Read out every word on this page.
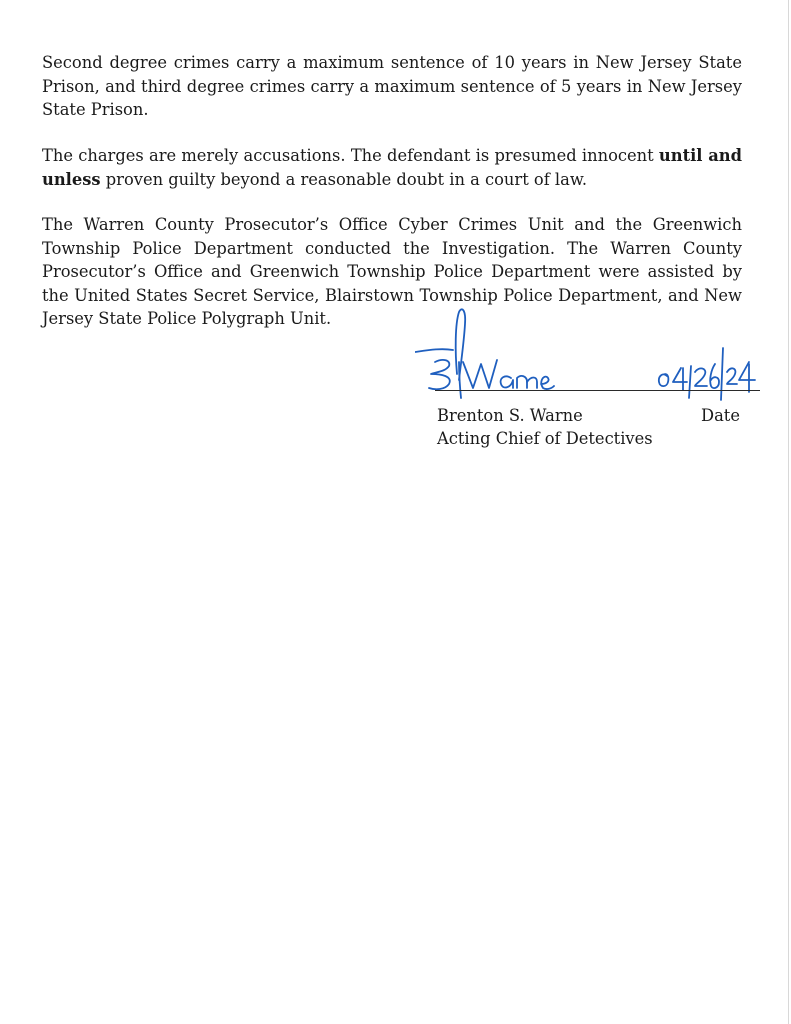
Second degree crimes carry a maximum sentence of 10 years in New Jersey State Prison, and third degree crimes carry a maximum sentence of 5 years in New Jersey State Prison.

The charges are merely accusations. The defendant is presumed innocent until and unless proven guilty beyond a reasonable doubt in a court of law.

The Warren County Prosecutor’s Office Cyber Crimes Unit and the Greenwich Township Police Department conducted the Investigation. The Warren County Prosecutor’s Office and Greenwich Township Police Department were assisted by the United States Secret Service, Blairstown Township Police Department, and New Jersey State Police Polygraph Unit.

Brenton S. Warne
Acting Chief of Detectives
Date
